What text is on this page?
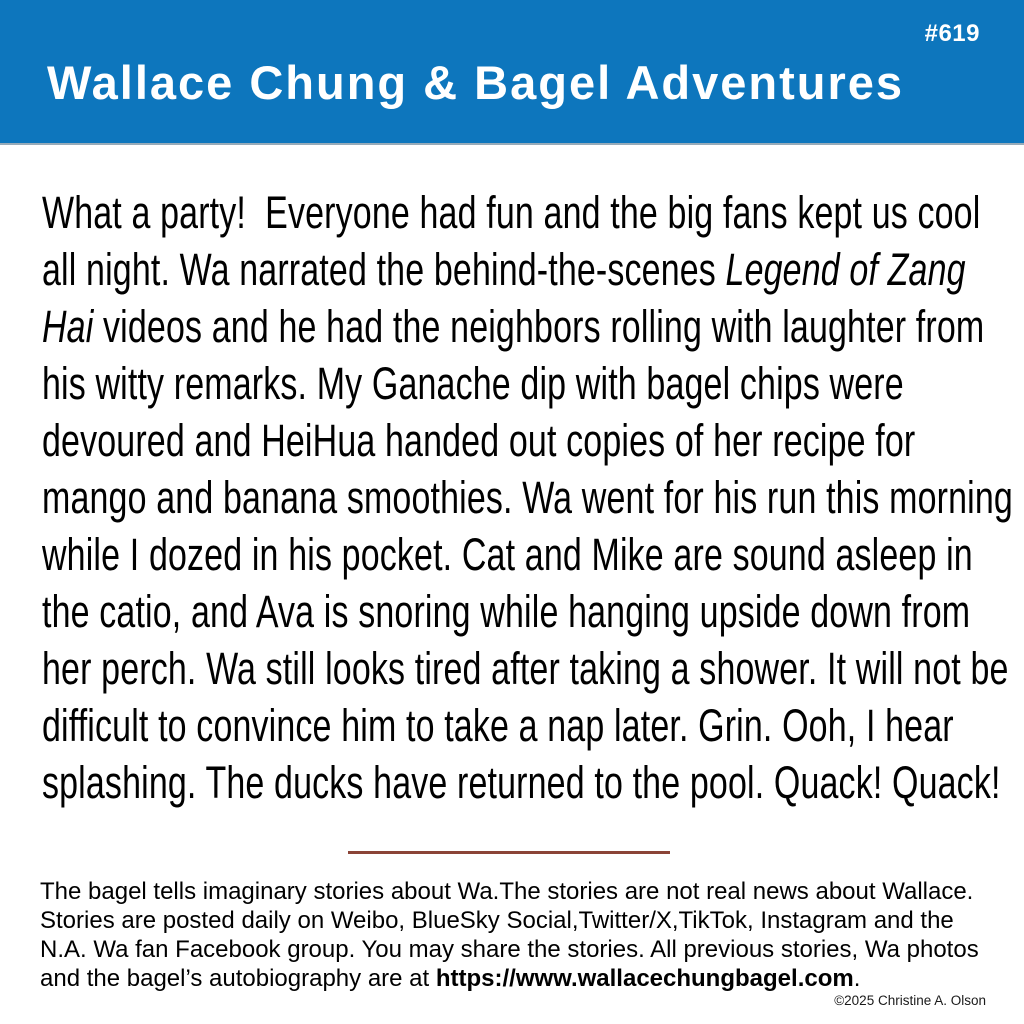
#619
Wallace Chung & Bagel Adventures
What a party!  Everyone had fun and the big fans kept us cool
all night. Wa narrated the behind-the-scenes Legend of Zang
Hai videos and he had the neighbors rolling with laughter from
his witty remarks. My Ganache dip with bagel chips were
devoured and HeiHua handed out copies of her recipe for
mango and banana smoothies. Wa went for his run this morning
while I dozed in his pocket. Cat and Mike are sound asleep in
the catio, and Ava is snoring while hanging upside down from
her perch. Wa still looks tired after taking a shower. It will not be
difficult to convince him to take a nap later. Grin. Ooh, I hear
splashing. The ducks have returned to the pool. Quack! Quack!
The bagel tells imaginary stories about Wa.The stories are not real news about Wallace.
Stories are posted daily on Weibo, BlueSky Social,Twitter/X,TikTok, Instagram and the
N.A. Wa fan Facebook group. You may share the stories. All previous stories, Wa photos
and the bagel’s autobiography are at https://www.wallacechungbagel.com.
©2025 Christine A. Olson
